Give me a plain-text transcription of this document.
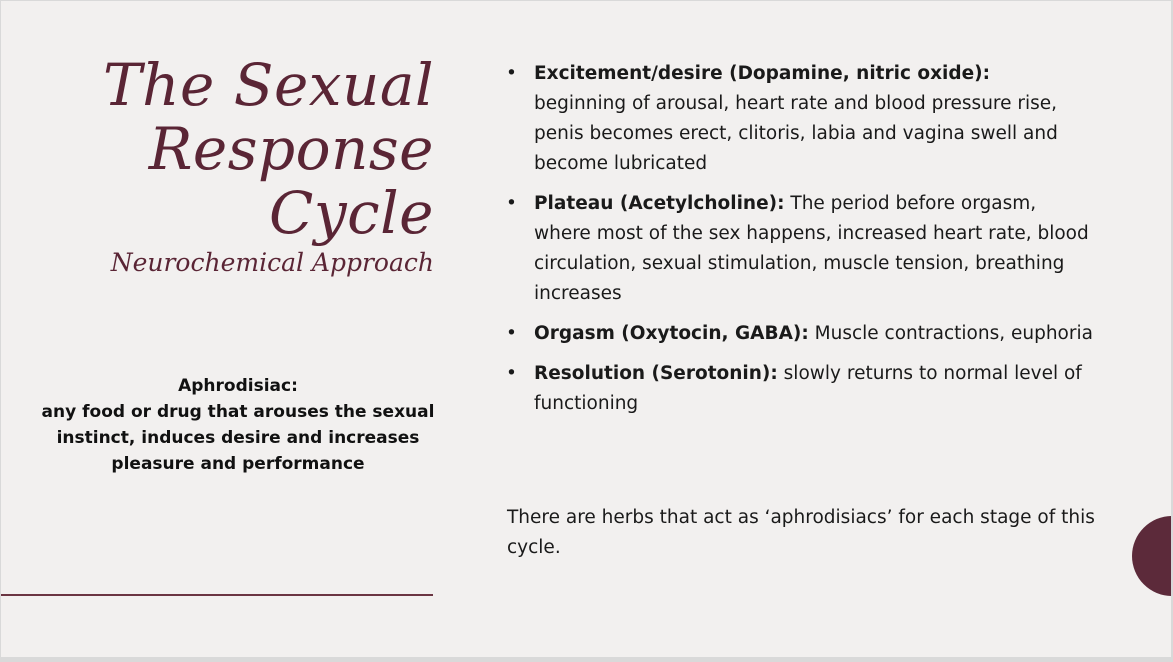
The Sexual
Response
Cycle
Neurochemical Approach
Aphrodisiac:
any food or drug that arouses the sexual
instinct, induces desire and increases
pleasure and performance
• Excitement/desire (Dopamine, nitric oxide):
beginning of arousal, heart rate and blood pressure rise, penis becomes erect, clitoris, labia and vagina swell and become lubricated
• Plateau (Acetylcholine): The period before orgasm, where most of the sex happens, increased heart rate, blood circulation, sexual stimulation, muscle tension, breathing increases
• Orgasm (Oxytocin, GABA): Muscle contractions, euphoria
• Resolution (Serotonin): slowly returns to normal level of functioning
There are herbs that act as ‘aphrodisiacs’ for each stage of this cycle.
